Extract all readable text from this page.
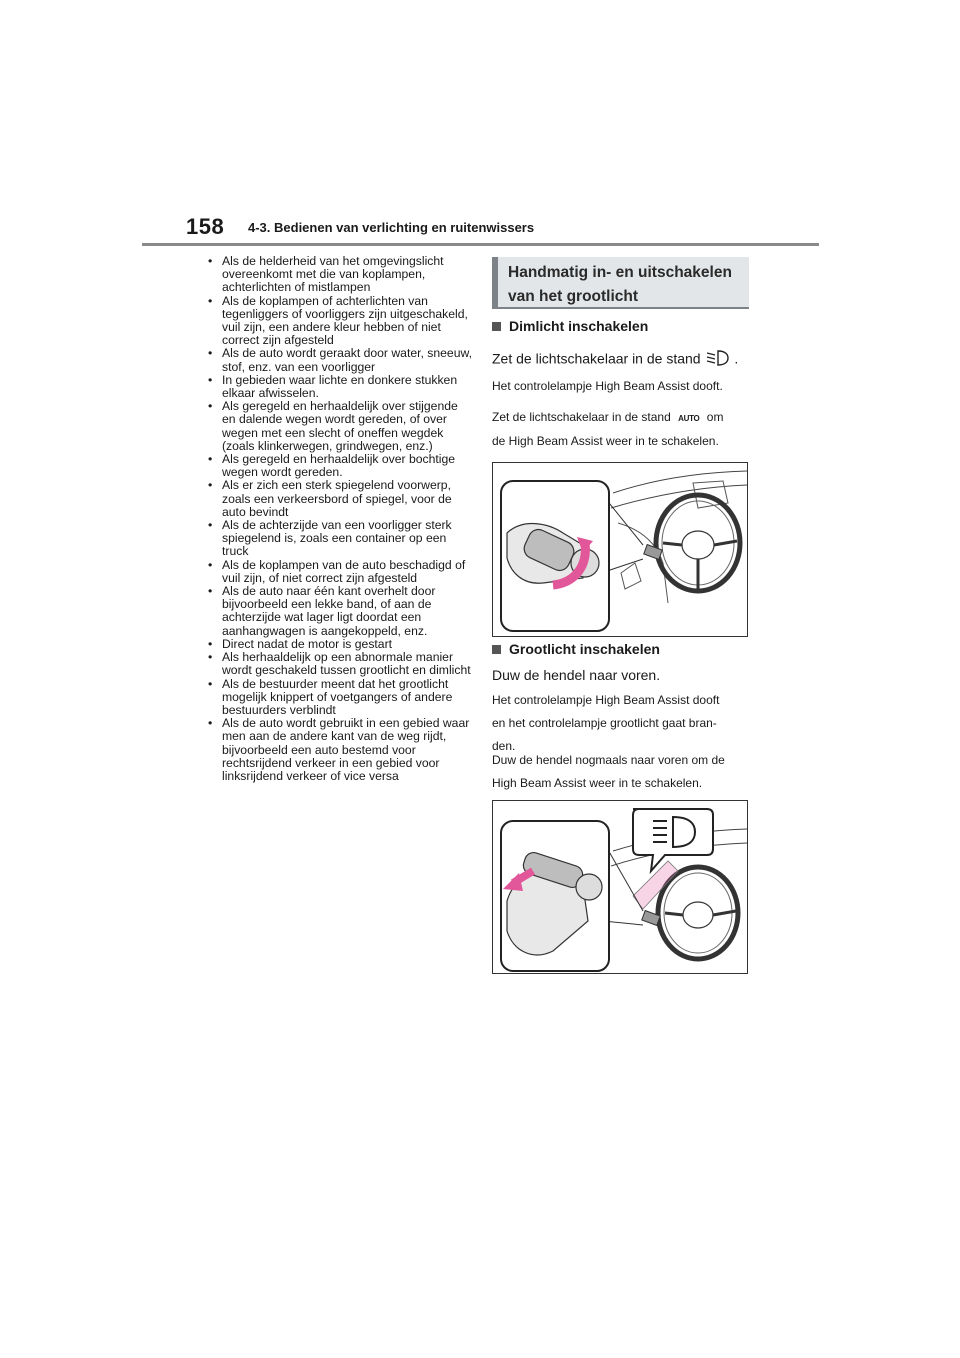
158 4-3. Bedienen van verlichting en ruitenwissers
• Als de helderheid van het omgevingslicht overeenkomt met die van koplampen, achterlichten of mistlampen
• Als de koplampen of achterlichten van tegenliggers of voorliggers zijn uitgeschakeld, vuil zijn, een andere kleur hebben of niet correct zijn afgesteld
• Als de auto wordt geraakt door water, sneeuw, stof, enz. van een voorligger
• In gebieden waar lichte en donkere stukken elkaar afwisselen.
• Als geregeld en herhaaldelijk over stijgende en dalende wegen wordt gereden, of over wegen met een slecht of oneffen wegdek (zoals klinkerwegen, grindwegen, enz.)
• Als geregeld en herhaaldelijk over bochtige wegen wordt gereden.
• Als er zich een sterk spiegelend voorwerp, zoals een verkeersbord of spiegel, voor de auto bevindt
• Als de achterzijde van een voorligger sterk spiegelend is, zoals een container op een truck
• Als de koplampen van de auto beschadigd of vuil zijn, of niet correct zijn afgesteld
• Als de auto naar één kant overhelt door bijvoorbeeld een lekke band, of aan de achterzijde wat lager ligt doordat een aanhangwagen is aangekoppeld, enz.
• Direct nadat de motor is gestart
• Als herhaaldelijk op een abnormale manier wordt geschakeld tussen grootlicht en dimlicht
• Als de bestuurder meent dat het grootlicht mogelijk knippert of voetgangers of andere bestuurders verblindt
• Als de auto wordt gebruikt in een gebied waar men aan de andere kant van de weg rijdt, bijvoorbeeld een auto bestemd voor rechtsrijdend verkeer in een gebied voor linksrijdend verkeer of vice versa
Handmatig in- en uitschakelen
van het grootlicht
Dimlicht inschakelen
Zet de lichtschakelaar in de stand .
Het controlelampje High Beam Assist dooft.
Zet de lichtschakelaar in de stand AUTO om
de High Beam Assist weer in te schakelen.
Grootlicht inschakelen
Duw de hendel naar voren.
Het controlelampje High Beam Assist dooft
en het controlelampje grootlicht gaat bran-
den.
Duw de hendel nogmaals naar voren om de
High Beam Assist weer in te schakelen.
